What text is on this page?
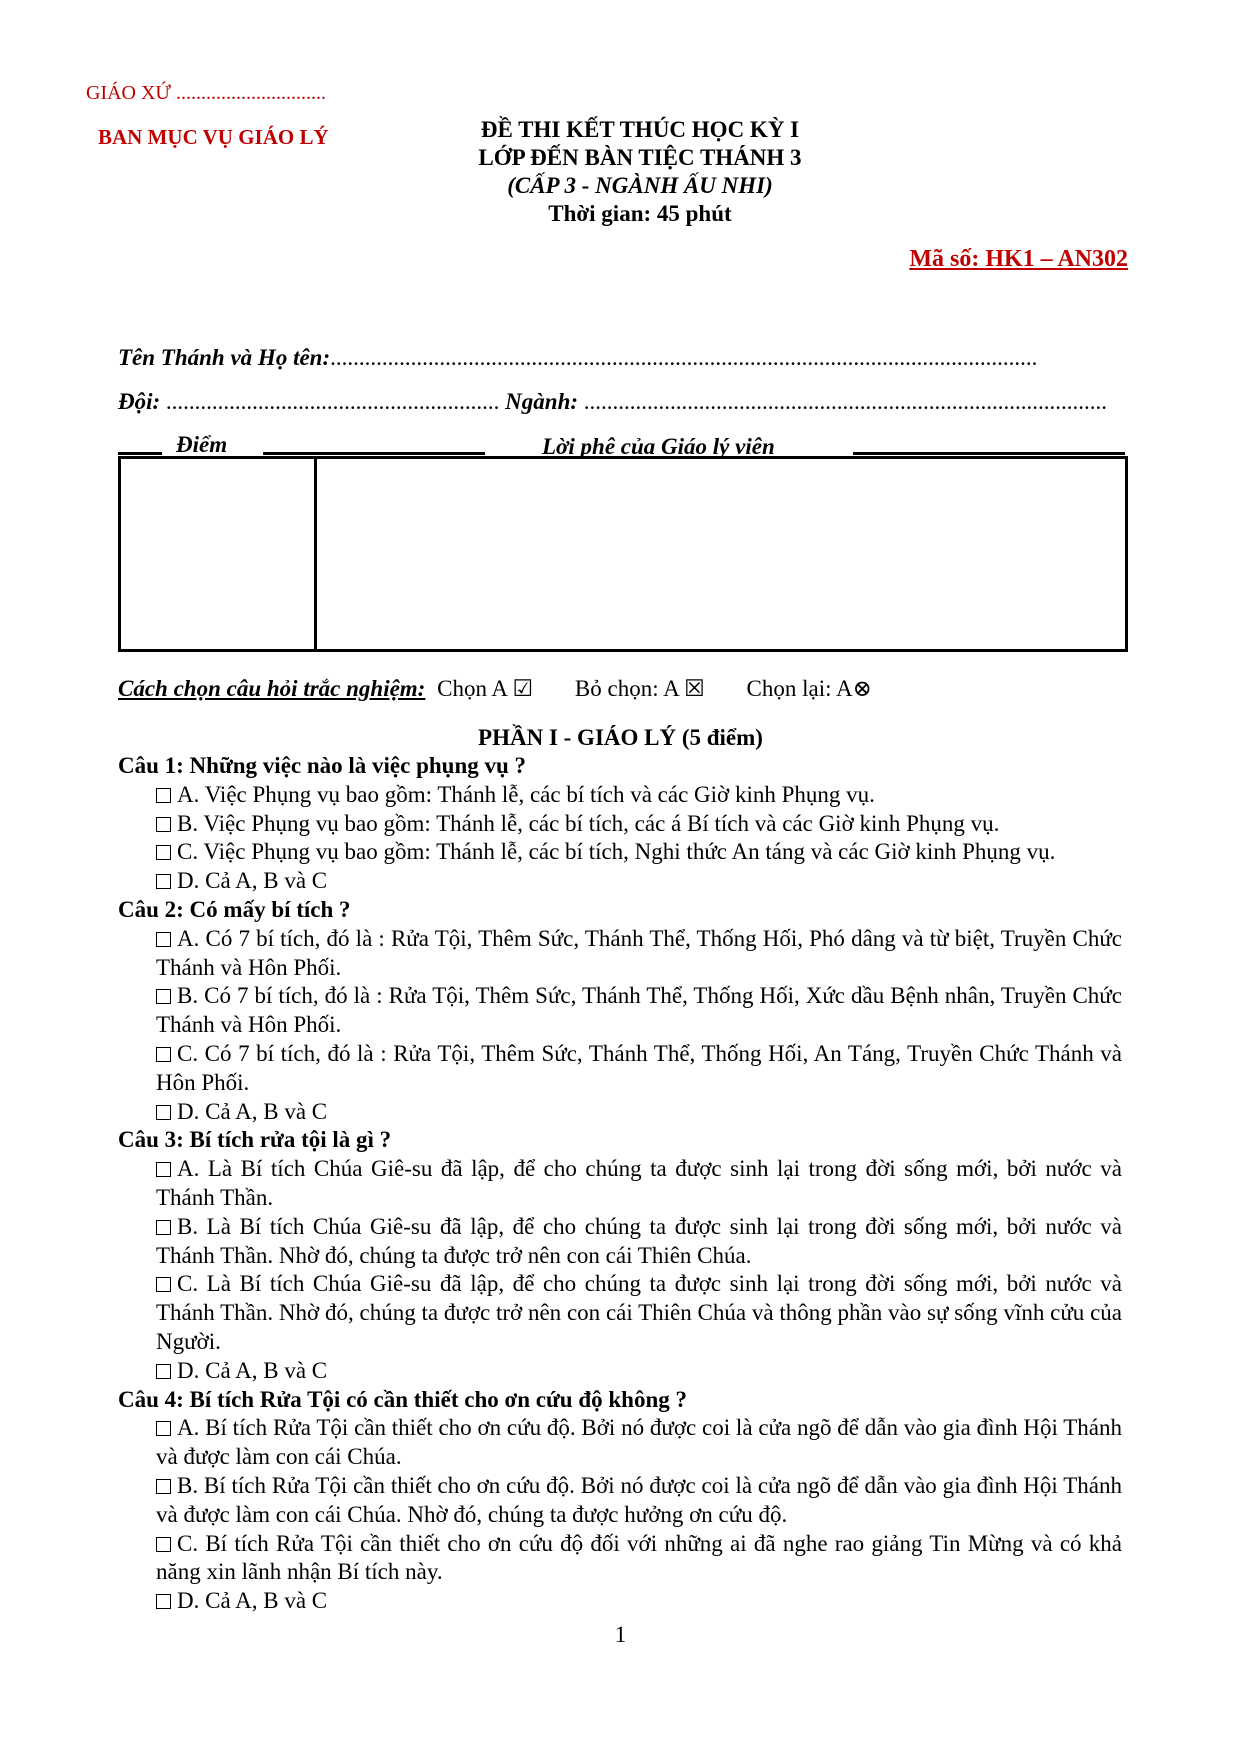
GIÁO XỨ ..............................
BAN MỤC VỤ GIÁO LÝ	ĐỀ THI KẾT THÚC HỌC KỲ I
LỚP ĐẾN BÀN TIỆC THÁNH 3
(CẤP 3 - NGÀNH ẤU NHI)
Thời gian: 45 phút
Mã số: HK1 – AN302
Tên Thánh và Họ tên:...........................................................................................................................
Đội: .......................................................... Ngành: ...........................................................................................
Điểm	Lời phê của Giáo lý viên
Cách chọn câu hỏi trắc nghiệm: Chọn A ☑ Bỏ chọn: A ☒ Chọn lại: A⊗
PHẦN I - GIÁO LÝ (5 điểm)
Câu 1: Những việc nào là việc phụng vụ ?
A. Việc Phụng vụ bao gồm: Thánh lễ, các bí tích và các Giờ kinh Phụng vụ.
B. Việc Phụng vụ bao gồm: Thánh lễ, các bí tích, các á Bí tích và các Giờ kinh Phụng vụ.
C. Việc Phụng vụ bao gồm: Thánh lễ, các bí tích, Nghi thức An táng và các Giờ kinh Phụng vụ.
D. Cả A, B và C
Câu 2: Có mấy bí tích ?
A. Có 7 bí tích, đó là : Rửa Tội, Thêm Sức, Thánh Thể, Thống Hối, Phó dâng và từ biệt, Truyền Chức Thánh và Hôn Phối.
B. Có 7 bí tích, đó là : Rửa Tội, Thêm Sức, Thánh Thể, Thống Hối, Xức dầu Bệnh nhân, Truyền Chức Thánh và Hôn Phối.
C. Có 7 bí tích, đó là : Rửa Tội, Thêm Sức, Thánh Thể, Thống Hối, An Táng, Truyền Chức Thánh và Hôn Phối.
D. Cả A, B và C
Câu 3: Bí tích rửa tội là gì ?
A. Là Bí tích Chúa Giê-su đã lập, để cho chúng ta được sinh lại trong đời sống mới, bởi nước và Thánh Thần.
B. Là Bí tích Chúa Giê-su đã lập, để cho chúng ta được sinh lại trong đời sống mới, bởi nước và Thánh Thần. Nhờ đó, chúng ta được trở nên con cái Thiên Chúa.
C. Là Bí tích Chúa Giê-su đã lập, để cho chúng ta được sinh lại trong đời sống mới, bởi nước và Thánh Thần. Nhờ đó, chúng ta được trở nên con cái Thiên Chúa và thông phần vào sự sống vĩnh cửu của Người.
D. Cả A, B và C
Câu 4: Bí tích Rửa Tội có cần thiết cho ơn cứu độ không ?
A. Bí tích Rửa Tội cần thiết cho ơn cứu độ. Bởi nó được coi là cửa ngõ để dẫn vào gia đình Hội Thánh và được làm con cái Chúa.
B. Bí tích Rửa Tội cần thiết cho ơn cứu độ. Bởi nó được coi là cửa ngõ để dẫn vào gia đình Hội Thánh và được làm con cái Chúa. Nhờ đó, chúng ta được hưởng ơn cứu độ.
C. Bí tích Rửa Tội cần thiết cho ơn cứu độ đối với những ai đã nghe rao giảng Tin Mừng và có khả năng xin lãnh nhận Bí tích này.
D. Cả A, B và C
1
